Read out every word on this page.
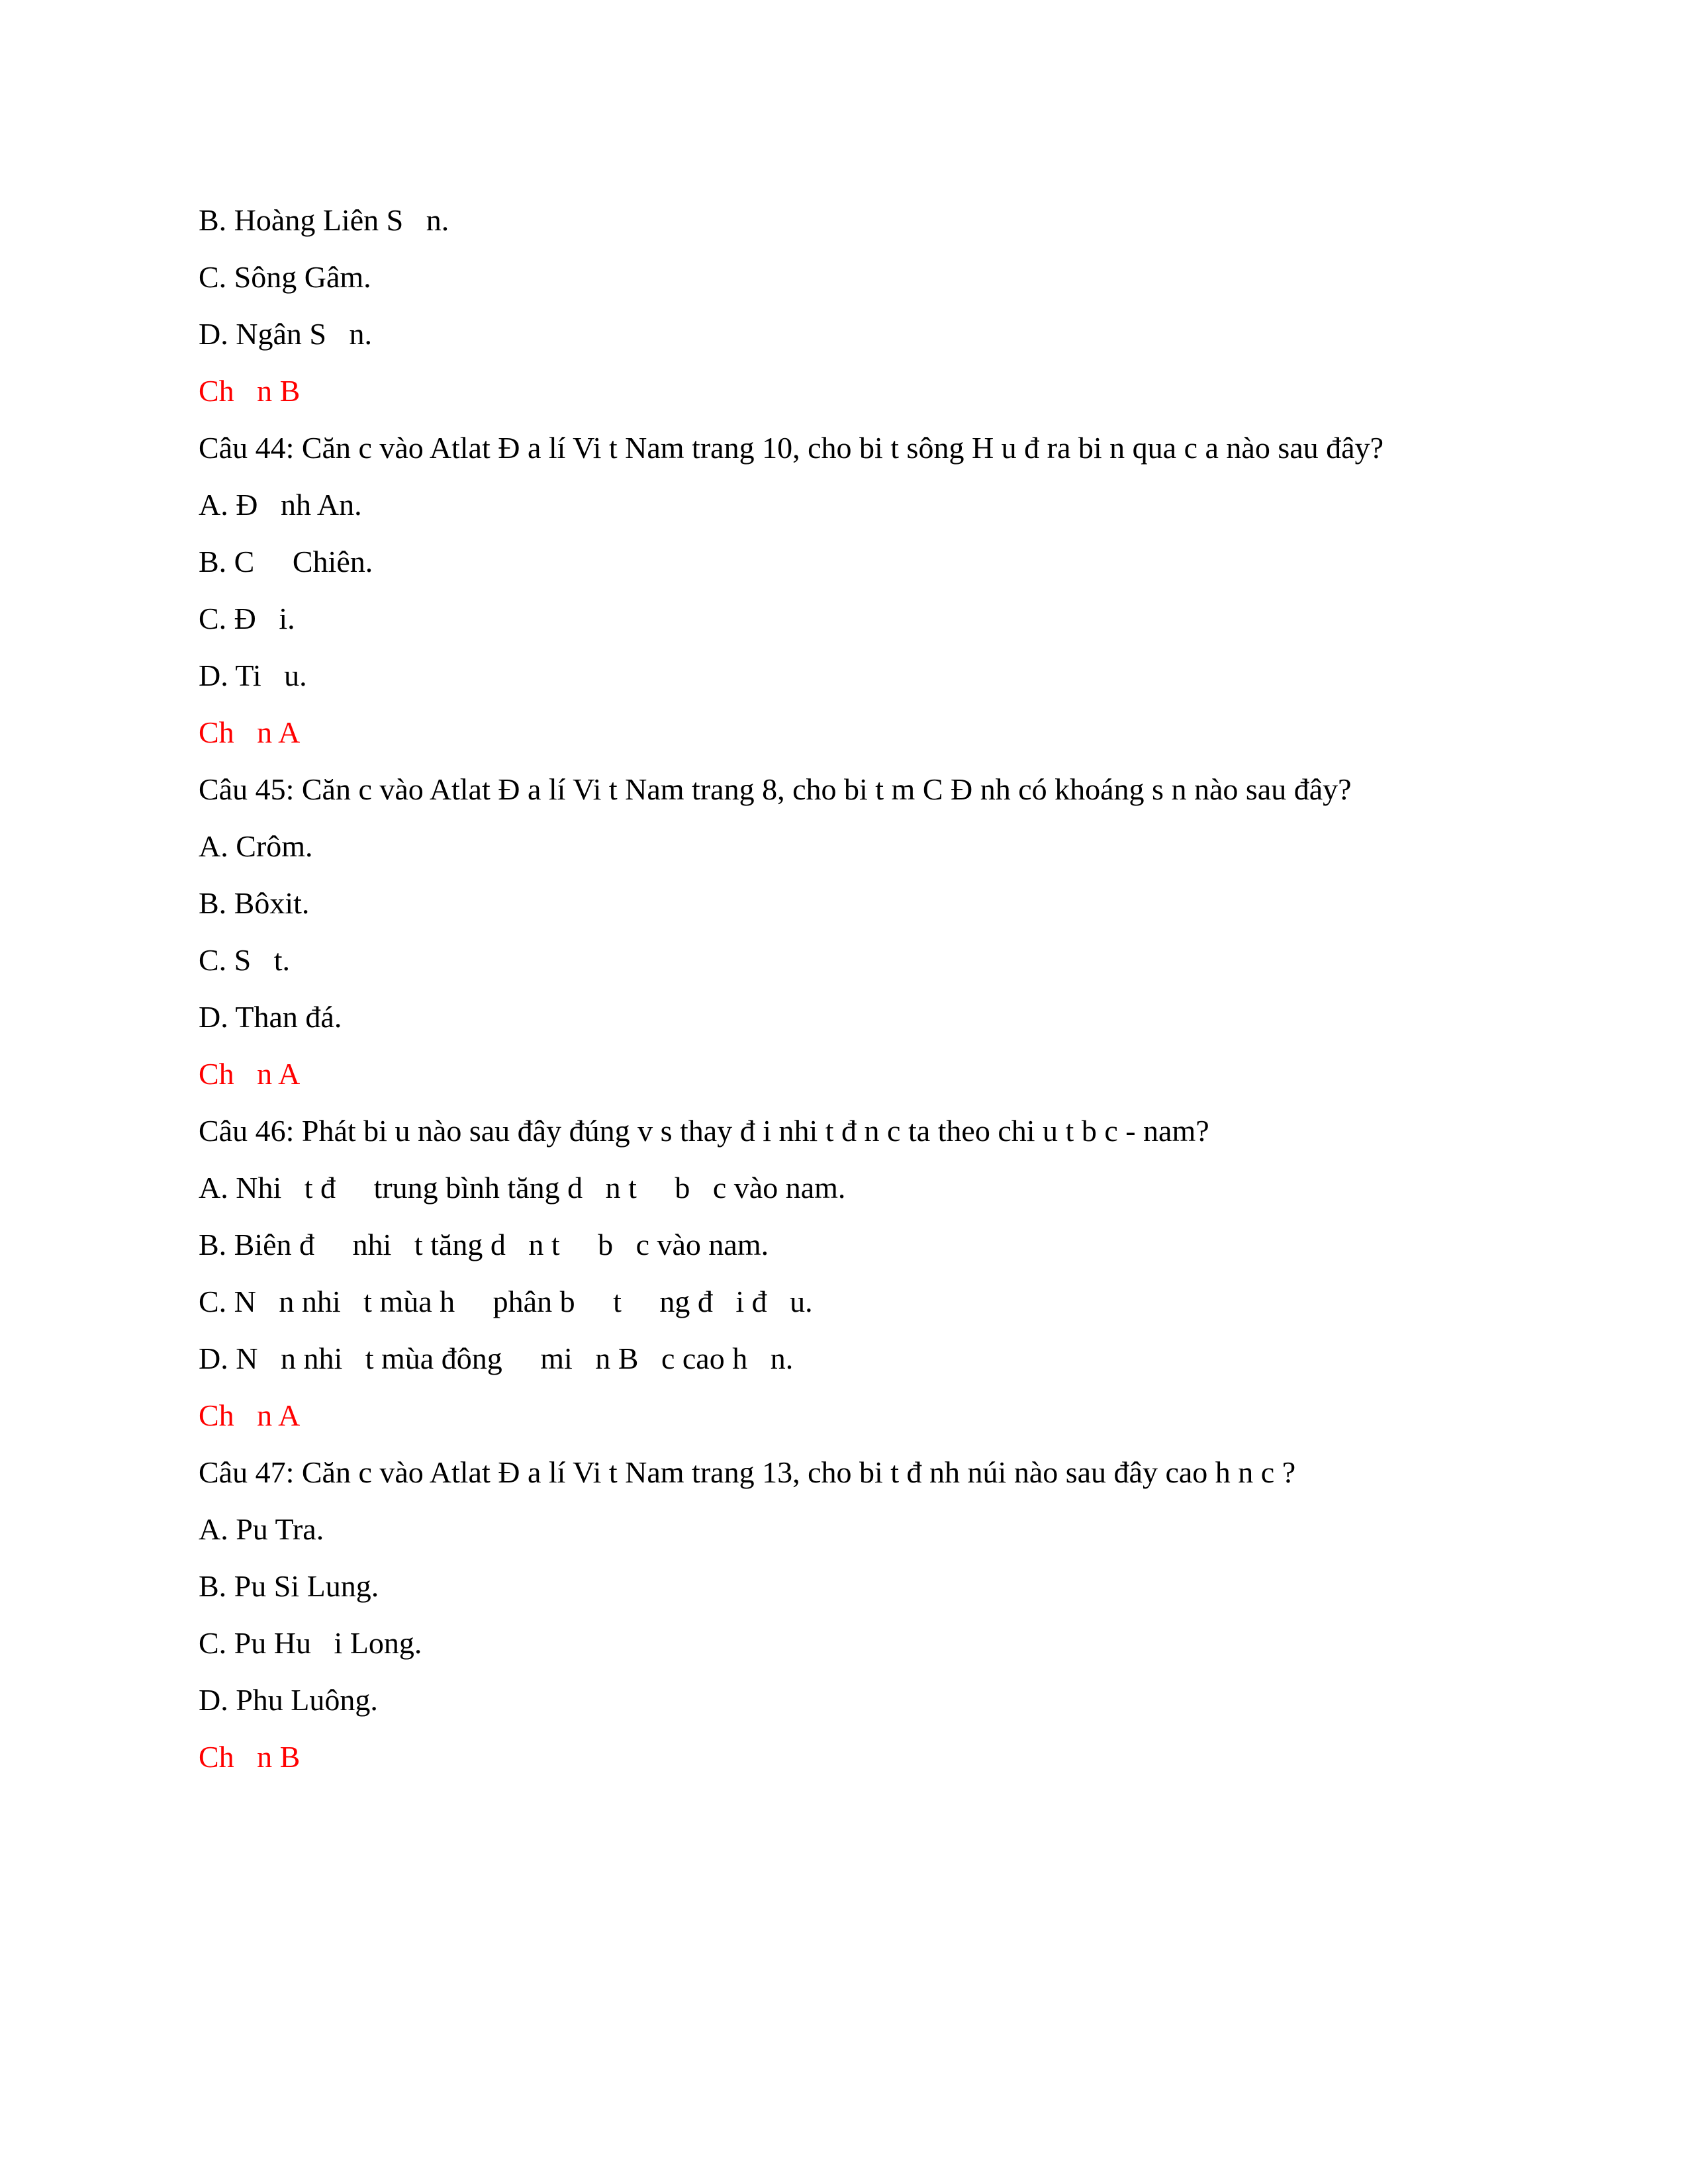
B. Hoàng Liên S   n.
C. Sông Gâm.
D. Ngân S   n.
Ch   n B
Câu 44: Căn c vào Atlat Đ a lí Vi t Nam trang 10, cho bi t sông H u đ ra bi n qua c a nào sau đây?
A. Đ   nh An.
B. C     Chiên.
C. Đ   i.
D. Ti   u.
Ch   n A
Câu 45: Căn c vào Atlat Đ a lí Vi t Nam trang 8, cho bi t m C Đ nh có khoáng s n nào sau đây?
A. Crôm.
B. Bôxit.
C. S   t.
D. Than đá.
Ch   n A
Câu 46: Phát bi u nào sau đây đúng v s thay đ i nhi t đ n c ta theo chi u t b c - nam?
A. Nhi   t đ     trung bình tăng d   n t     b   c vào nam.
B. Biên đ     nhi   t tăng d   n t     b   c vào nam.
C. N   n nhi   t mùa h     phân b     t     ng đ   i đ   u.
D. N   n nhi   t mùa đông     mi   n B   c cao h   n.
Ch   n A
Câu 47: Căn c vào Atlat Đ a lí Vi t Nam trang 13, cho bi t đ nh núi nào sau đây cao h n c ?
A. Pu Tra.
B. Pu Si Lung.
C. Pu Hu   i Long.
D. Phu Luông.
Ch   n B
